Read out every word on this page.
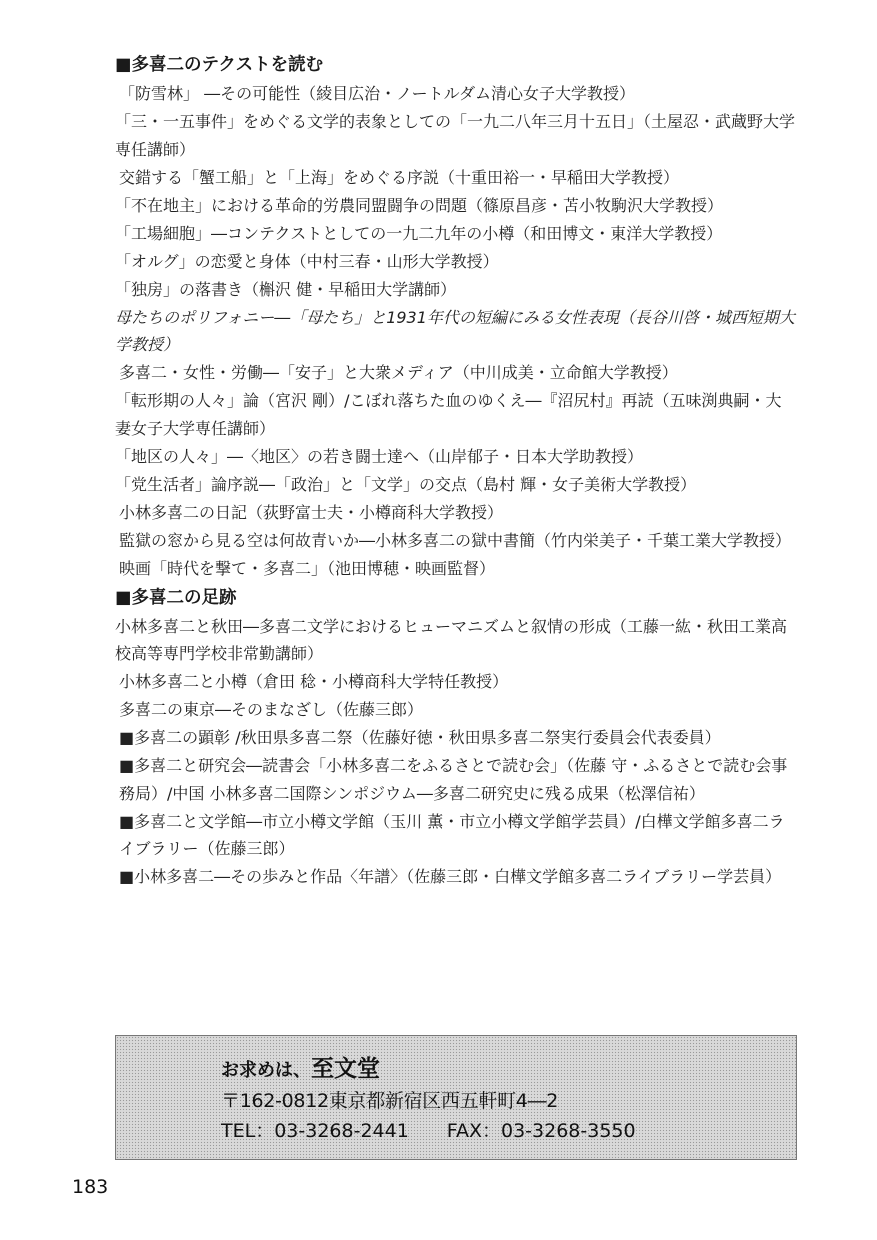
■多喜二のテクストを読む
「防雪林」 ―その可能性（綾目広治・ノートルダム清心女子大学教授）
「三・一五事件」をめぐる文学的表象としての「一九二八年三月十五日」（土屋忍・武蔵野大学専任講師）
交錯する「蟹工船」と「上海」をめぐる序説（十重田裕一・早稲田大学教授）
「不在地主」における革命的労農同盟闘争の問題（篠原昌彦・苫小牧駒沢大学教授）
「工場細胞」―コンテクストとしての一九二九年の小樽（和田博文・東洋大学教授）
「オルグ」の恋愛と身体（中村三春・山形大学教授）
「独房」の落書き（槲沢 健・早稲田大学講師）
母たちのポリフォニー―「母たち」と1931年代の短編にみる女性表現（長谷川啓・城西短期大学教授）
多喜二・女性・労働―「安子」と大衆メディア（中川成美・立命館大学教授）
「転形期の人々」論（宮沢 剛）/こぼれ落ちた血のゆくえ―『沼尻村』再読（五味渕典嗣・大妻女子大学専任講師）
「地区の人々」―〈地区〉の若き闘士達へ（山岸郁子・日本大学助教授）
「党生活者」論序説―「政治」と「文学」の交点（島村 輝・女子美術大学教授）
小林多喜二の日記（荻野富士夫・小樽商科大学教授）
監獄の窓から見る空は何故青いか―小林多喜二の獄中書簡（竹内栄美子・千葉工業大学教授）
映画「時代を撃て・多喜二」（池田博穂・映画監督）
■多喜二の足跡
小林多喜二と秋田―多喜二文学におけるヒューマニズムと叙情の形成（工藤一紘・秋田工業高校高等専門学校非常勤講師）
小林多喜二と小樽（倉田 稔・小樽商科大学特任教授）
多喜二の東京―そのまなざし（佐藤三郎）
■多喜二の顕彰 /秋田県多喜二祭（佐藤好徳・秋田県多喜二祭実行委員会代表委員）
■多喜二と研究会―読書会「小林多喜二をふるさとで読む会」（佐藤 守・ふるさとで読む会事務局）/中国 小林多喜二国際シンポジウム―多喜二研究史に残る成果（松澤信祐）
■多喜二と文学館―市立小樽文学館（玉川 薫・市立小樽文学館学芸員）/白樺文学館多喜二ライブラリー（佐藤三郎）
■小林多喜二―その歩みと作品〈年譜〉（佐藤三郎・白樺文学館多喜二ライブラリー学芸員）
お求めは、至文堂
〒162-0812東京都新宿区西五軒町4―2
TEL：03-3268-2441 FAX：03-3268-3550
183
